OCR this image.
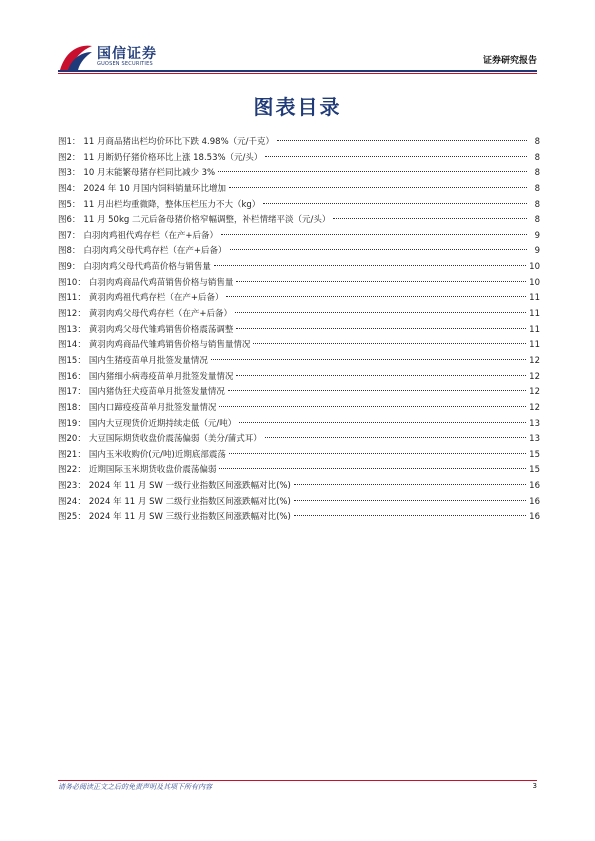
国信证券
GUOSEN SECURITIES	证券研究报告
图表目录
图1： 11 月商品猪出栏均价环比下跌 4.98%（元/千克）	8
图2： 11 月断奶仔猪价格环比上涨 18.53%（元/头）	8
图3： 10 月末能繁母猪存栏同比减少 3%	8
图4： 2024 年 10 月国内饲料销量环比增加	8
图5： 11 月出栏均重微降，整体压栏压力不大（kg）	8
图6： 11 月 50kg 二元后备母猪价格窄幅调整，补栏情绪平淡（元/头）	8
图7： 白羽肉鸡祖代鸡存栏（在产+后备）	9
图8： 白羽肉鸡父母代鸡存栏（在产+后备）	9
图9： 白羽肉鸡父母代鸡苗价格与销售量	10
图10： 白羽肉鸡商品代鸡苗销售价格与销售量	10
图11： 黄羽肉鸡祖代鸡存栏（在产+后备）	11
图12： 黄羽肉鸡父母代鸡存栏（在产+后备）	11
图13： 黄羽肉鸡父母代雏鸡销售价格震荡调整	11
图14： 黄羽肉鸡商品代雏鸡销售价格与销售量情况	11
图15： 国内生猪疫苗单月批签发量情况	12
图16： 国内猪细小病毒疫苗单月批签发量情况	12
图17： 国内猪伪狂犬疫苗单月批签发量情况	12
图18： 国内口蹄疫疫苗单月批签发量情况	12
图19： 国内大豆现货价近期持续走低（元/吨）	13
图20： 大豆国际期货收盘价震荡偏弱（美分/蒲式耳）	13
图21： 国内玉米收购价(元/吨)近期底部震荡	15
图22： 近期国际玉米期货收盘价震荡偏弱	15
图23： 2024 年 11 月 SW 一级行业指数区间涨跌幅对比(%)	16
图24： 2024 年 11 月 SW 二级行业指数区间涨跌幅对比(%)	16
图25： 2024 年 11 月 SW 三级行业指数区间涨跌幅对比(%)	16
请务必阅读正文之后的免责声明及其项下所有内容	3
